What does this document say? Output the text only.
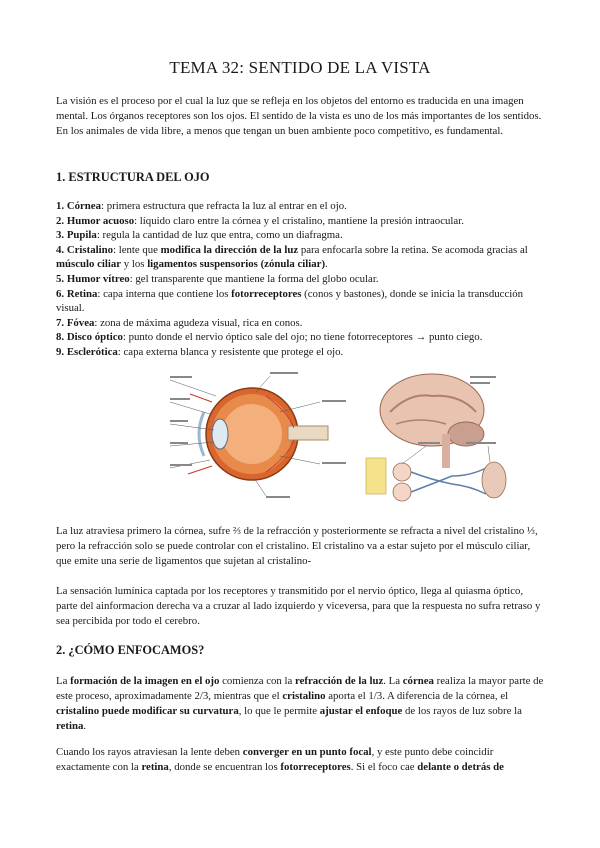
TEMA 32: SENTIDO DE LA VISTA

La visión es el proceso por el cual la luz que se refleja en los objetos del entorno es traducida en una imagen mental. Los órganos receptores son los ojos. El sentido de la vista es uno de los más importantes de los sentidos. En los animales de vida libre, a menos que tengan un buen ambiente poco competitivo, es fundamental.

1. ESTRUCTURA DEL OJO
1. Córnea: primera estructura que refracta la luz al entrar en el ojo.
2. Humor acuoso: líquido claro entre la córnea y el cristalino, mantiene la presión intraocular.
3. Pupila: regula la cantidad de luz que entra, como un diafragma.
4. Cristalino: lente que modifica la dirección de la luz para enfocarla sobre la retina. Se acomoda gracias al músculo ciliar y los ligamentos suspensorios (zónula ciliar).
5. Humor vítreo: gel transparente que mantiene la forma del globo ocular.
6. Retina: capa interna que contiene los fotorreceptores (conos y bastones), donde se inicia la transducción visual.
7. Fóvea: zona de máxima agudeza visual, rica en conos.
8. Disco óptico: punto donde el nervio óptico sale del ojo; no tiene fotorreceptores → punto ciego.
9. Esclerótica: capa externa blanca y resistente que protege el ojo.

La luz atraviesa primero la córnea, sufre ⅔ de la refracción y posteriormente se refracta a nivel del cristalino ⅓, pero la refracción solo se puede controlar con el cristalino. El cristalino va a estar sujeto por el músculo ciliar, que emite una serie de ligamentos que sujetan al cristalino-

La sensación lumínica captada por los receptores y transmitido por el nervio óptico, llega al quiasma óptico, parte del ainformacion derecha va a cruzar al lado izquierdo y viceversa, para que la respuesta no sufra retraso y sea percibida por todo el cerebro.

2. ¿CÓMO ENFOCAMOS?

La formación de la imagen en el ojo comienza con la refracción de la luz. La córnea realiza la mayor parte de este proceso, aproximadamente 2/3, mientras que el cristalino aporta el 1/3. A diferencia de la córnea, el cristalino puede modificar su curvatura, lo que le permite ajustar el enfoque de los rayos de luz sobre la retina.

Cuando los rayos atraviesan la lente deben converger en un punto focal, y este punto debe coincidir exactamente con la retina, donde se encuentran los fotorreceptores. Si el foco cae delante o detrás de
